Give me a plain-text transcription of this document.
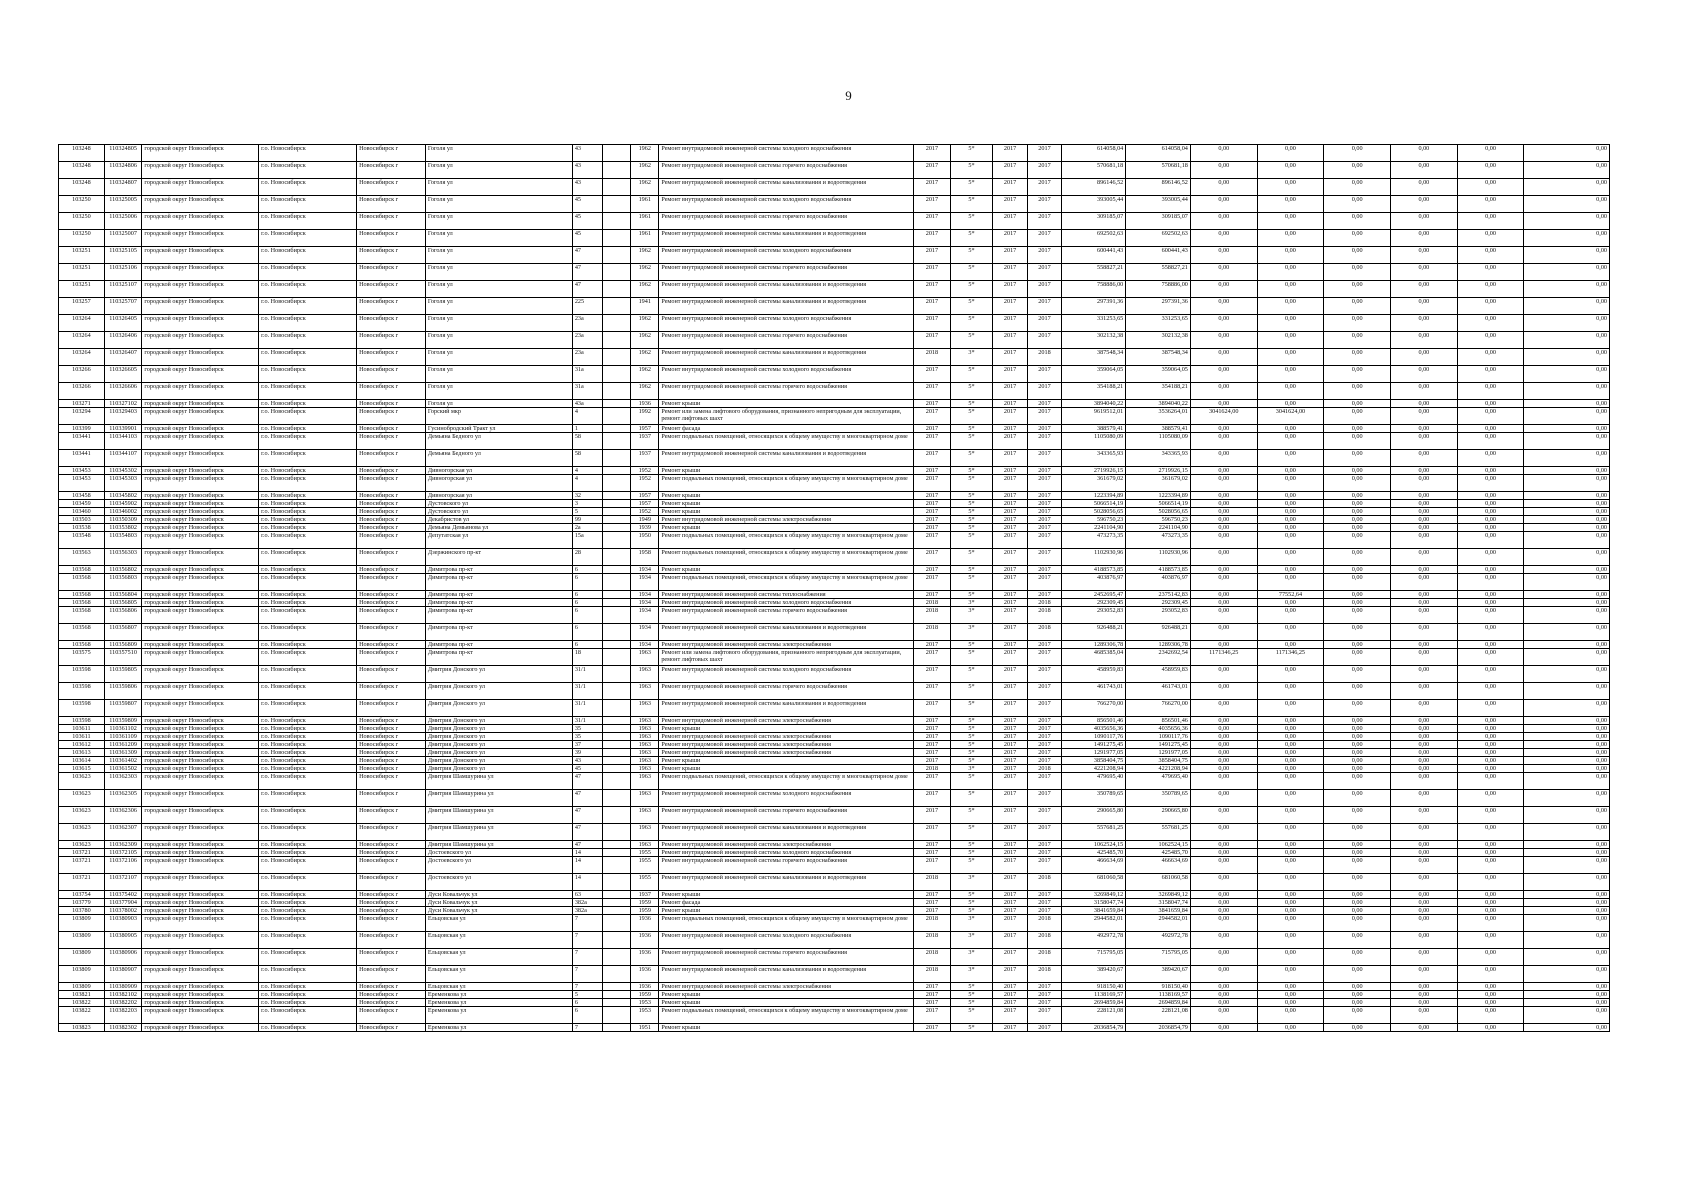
9
103248	110324805	городской округ Новосибирск	г.о. Новосибирск	Новосибирск г	Гоголя ул	43		1962	Ремонт внутридомовой инженерной системы холодного водоснабжения	2017	5*	2017	2017	614058,04	614058,04	0,00	0,00	0,00	0,00	0,00	0,00
103248	110324806	городской округ Новосибирск	г.о. Новосибирск	Новосибирск г	Гоголя ул	43		1962	Ремонт внутридомовой инженерной системы горячего водоснабжения	2017	5*	2017	2017	570681,18	570681,18	0,00	0,00	0,00	0,00	0,00	0,00
103248	110324807	городской округ Новосибирск	г.о. Новосибирск	Новосибирск г	Гоголя ул	43		1962	Ремонт внутридомовой инженерной системы канализования и водоотведения	2017	5*	2017	2017	896146,52	896146,52	0,00	0,00	0,00	0,00	0,00	0,00
103250	110325005	городской округ Новосибирск	г.о. Новосибирск	Новосибирск г	Гоголя ул	45		1961	Ремонт внутридомовой инженерной системы холодного водоснабжения	2017	5*	2017	2017	393005,44	393005,44	0,00	0,00	0,00	0,00	0,00	0,00
103250	110325006	городской округ Новосибирск	г.о. Новосибирск	Новосибирск г	Гоголя ул	45		1961	Ремонт внутридомовой инженерной системы горячего водоснабжения	2017	5*	2017	2017	309185,07	309185,07	0,00	0,00	0,00	0,00	0,00	0,00
103250	110325007	городской округ Новосибирск	г.о. Новосибирск	Новосибирск г	Гоголя ул	45		1961	Ремонт внутридомовой инженерной системы канализования и водоотведения	2017	5*	2017	2017	692502,63	692502,63	0,00	0,00	0,00	0,00	0,00	0,00
103251	110325105	городской округ Новосибирск	г.о. Новосибирск	Новосибирск г	Гоголя ул	47		1962	Ремонт внутридомовой инженерной системы холодного водоснабжения	2017	5*	2017	2017	600441,43	600441,43	0,00	0,00	0,00	0,00	0,00	0,00
103251	110325106	городской округ Новосибирск	г.о. Новосибирск	Новосибирск г	Гоголя ул	47		1962	Ремонт внутридомовой инженерной системы горячего водоснабжения	2017	5*	2017	2017	558827,21	558827,21	0,00	0,00	0,00	0,00	0,00	0,00
103251	110325107	городской округ Новосибирск	г.о. Новосибирск	Новосибирск г	Гоголя ул	47		1962	Ремонт внутридомовой инженерной системы канализования и водоотведения	2017	5*	2017	2017	758886,00	758886,00	0,00	0,00	0,00	0,00	0,00	0,00
103257	110325707	городской округ Новосибирск	г.о. Новосибирск	Новосибирск г	Гоголя ул	225		1941	Ремонт внутридомовой инженерной системы канализования и водоотведения	2017	5*	2017	2017	297391,36	297391,36	0,00	0,00	0,00	0,00	0,00	0,00
103264	110326405	городской округ Новосибирск	г.о. Новосибирск	Новосибирск г	Гоголя ул	23а		1962	Ремонт внутридомовой инженерной системы холодного водоснабжения	2017	5*	2017	2017	331253,65	331253,65	0,00	0,00	0,00	0,00	0,00	0,00
103264	110326406	городской округ Новосибирск	г.о. Новосибирск	Новосибирск г	Гоголя ул	23а		1962	Ремонт внутридомовой инженерной системы горячего водоснабжения	2017	5*	2017	2017	302132,38	302132,38	0,00	0,00	0,00	0,00	0,00	0,00
103264	110326407	городской округ Новосибирск	г.о. Новосибирск	Новосибирск г	Гоголя ул	23а		1962	Ремонт внутридомовой инженерной системы канализования и водоотведения	2018	3*	2017	2018	387548,34	387548,34	0,00	0,00	0,00	0,00	0,00	0,00
103266	110326605	городской округ Новосибирск	г.о. Новосибирск	Новосибирск г	Гоголя ул	31а		1962	Ремонт внутридомовой инженерной системы холодного водоснабжения	2017	5*	2017	2017	359064,05	359064,05	0,00	0,00	0,00	0,00	0,00	0,00
103266	110326606	городской округ Новосибирск	г.о. Новосибирск	Новосибирск г	Гоголя ул	31а		1962	Ремонт внутридомовой инженерной системы горячего водоснабжения	2017	5*	2017	2017	354188,21	354188,21	0,00	0,00	0,00	0,00	0,00	0,00
103271	110327102	городской округ Новосибирск	г.о. Новосибирск	Новосибирск г	Гоголя ул	43а		1936	Ремонт крыши	2017	5*	2017	2017	3894040,22	3894040,22	0,00	0,00	0,00	0,00	0,00	0,00
103294	110329403	городской округ Новосибирск	г.о. Новосибирск	Новосибирск г	Горский мкр	4		1992	Ремонт или замена лифтового оборудования, признанного непригодным для эксплуатации, ремонт лифтовых шахт	2017	5*	2017	2017	9619512,01	3536264,01	3041624,00	3041624,00	0,00	0,00	0,00	0,00
103399	110339901	городской округ Новосибирск	г.о. Новосибирск	Новосибирск г	Гусинобродский Тракт ул	1		1957	Ремонт фасада	2017	5*	2017	2017	388579,41	388579,41	0,00	0,00	0,00	0,00	0,00	0,00
103441	110344103	городской округ Новосибирск	г.о. Новосибирск	Новосибирск г	Демьяна Бедного ул	58		1937	Ремонт подвальных помещений, относящихся к общему имуществу в многоквартирном доме	2017	5*	2017	2017	1105080,09	1105080,09	0,00	0,00	0,00	0,00	0,00	0,00
103441	110344107	городской округ Новосибирск	г.о. Новосибирск	Новосибирск г	Демьяна Бедного ул	58		1937	Ремонт внутридомовой инженерной системы канализования и водоотведения	2017	5*	2017	2017	343365,93	343365,93	0,00	0,00	0,00	0,00	0,00	0,00
103453	110345302	городской округ Новосибирск	г.о. Новосибирск	Новосибирск г	Дивногорская ул	4		1952	Ремонт крыши	2017	5*	2017	2017	2719926,15	2719926,15	0,00	0,00	0,00	0,00	0,00	0,00
103453	110345303	городской округ Новосибирск	г.о. Новосибирск	Новосибирск г	Дивногорская ул	4		1952	Ремонт подвальных помещений, относящихся к общему имуществу в многоквартирном доме	2017	5*	2017	2017	361679,02	361679,02	0,00	0,00	0,00	0,00	0,00	0,00
103458	110345802	городской округ Новосибирск	г.о. Новосибирск	Новосибирск г	Дивногорская ул	32		1957	Ремонт крыши	2017	5*	2017	2017	1223394,89	1223394,89	0,00	0,00	0,00	0,00	0,00	0,00
103459	110345902	городской округ Новосибирск	г.о. Новосибирск	Новосибирск г	Дустовского ул	3		1957	Ремонт крыши	2017	5*	2017	2017	5066514,19	5066514,19	0,00	0,00	0,00	0,00	0,00	0,00
103460	110346002	городской округ Новосибирск	г.о. Новосибирск	Новосибирск г	Дустовского ул	5		1952	Ремонт крыши	2017	5*	2017	2017	5028056,65	5028056,65	0,00	0,00	0,00	0,00	0,00	0,00
103503	110350309	городской округ Новосибирск	г.о. Новосибирск	Новосибирск г	Декабристов ул	99		1949	Ремонт внутридомовой инженерной системы электроснабжения	2017	5*	2017	2017	596750,23	596750,23	0,00	0,00	0,00	0,00	0,00	0,00
103538	110353802	городской округ Новосибирск	г.о. Новосибирск	Новосибирск г	Демьяна Демьянова ул	2а		1939	Ремонт крыши	2017	5*	2017	2017	2241104,90	2241104,90	0,00	0,00	0,00	0,00	0,00	0,00
103548	110354803	городской округ Новосибирск	г.о. Новосибирск	Новосибирск г	Депутатская ул	15а		1950	Ремонт подвальных помещений, относящихся к общему имуществу в многоквартирном доме	2017	5*	2017	2017	473273,35	473273,35	0,00	0,00	0,00	0,00	0,00	0,00
103563	110356303	городской округ Новосибирск	г.о. Новосибирск	Новосибирск г	Дзержинского пр-кт	28		1958	Ремонт подвальных помещений, относящихся к общему имуществу в многоквартирном доме	2017	5*	2017	2017	1102930,96	1102930,96	0,00	0,00	0,00	0,00	0,00	0,00
103568	110356802	городской округ Новосибирск	г.о. Новосибирск	Новосибирск г	Димитрова пр-кт	6		1934	Ремонт крыши	2017	5*	2017	2017	4188573,85	4188573,85	0,00	0,00	0,00	0,00	0,00	0,00
103568	110356803	городской округ Новосибирск	г.о. Новосибирск	Новосибирск г	Димитрова пр-кт	6		1934	Ремонт подвальных помещений, относящихся к общему имуществу в многоквартирном доме	2017	5*	2017	2017	403876,97	403876,97	0,00	0,00	0,00	0,00	0,00	0,00
103568	110356804	городской округ Новосибирск	г.о. Новосибирск	Новосибирск г	Димитрова пр-кт	6		1934	Ремонт внутридомовой инженерной системы теплоснабжения	2017	5*	2017	2017	2452695,47	2375142,83	0,00	77552,64	0,00	0,00	0,00	0,00
103568	110356805	городской округ Новосибирск	г.о. Новосибирск	Новосибирск г	Димитрова пр-кт	6		1934	Ремонт внутридомовой инженерной системы холодного водоснабжения	2018	3*	2017	2018	292309,45	292309,45	0,00	0,00	0,00	0,00	0,00	0,00
103568	110356806	городской округ Новосибирск	г.о. Новосибирск	Новосибирск г	Димитрова пр-кт	6		1934	Ремонт внутридомовой инженерной системы горячего водоснабжения	2018	3*	2017	2018	293052,83	293052,83	0,00	0,00	0,00	0,00	0,00	0,00
103568	110356807	городской округ Новосибирск	г.о. Новосибирск	Новосибирск г	Димитрова пр-кт	6		1934	Ремонт внутридомовой инженерной системы канализования и водоотведения	2018	3*	2017	2018	926488,21	926488,21	0,00	0,00	0,00	0,00	0,00	0,00
103568	110356809	городской округ Новосибирск	г.о. Новосибирск	Новосибирск г	Димитрова пр-кт	6		1934	Ремонт внутридомовой инженерной системы электроснабжения	2017	5*	2017	2017	1289306,78	1289306,78	0,00	0,00	0,00	0,00	0,00	0,00
103575	110357510	городской округ Новосибирск	г.о. Новосибирск	Новосибирск г	Димитрова пр-кт	18		1963	Ремонт или замена лифтового оборудования, признанного непригодным для эксплуатации, ремонт лифтовых шахт	2017	5*	2017	2017	4685385,04	2342692,54	1171346,25	1171346,25	0,00	0,00	0,00	0,00
103598	110359805	городской округ Новосибирск	г.о. Новосибирск	Новосибирск г	Дмитрия Донского ул	31/1		1963	Ремонт внутридомовой инженерной системы холодного водоснабжения	2017	5*	2017	2017	458959,83	458959,83	0,00	0,00	0,00	0,00	0,00	0,00
103598	110359806	городской округ Новосибирск	г.о. Новосибирск	Новосибирск г	Дмитрия Донского ул	31/1		1963	Ремонт внутридомовой инженерной системы горячего водоснабжения	2017	5*	2017	2017	461743,01	461743,01	0,00	0,00	0,00	0,00	0,00	0,00
103598	110359807	городской округ Новосибирск	г.о. Новосибирск	Новосибирск г	Дмитрия Донского ул	31/1		1963	Ремонт внутридомовой инженерной системы канализования и водоотведения	2017	5*	2017	2017	766270,00	766270,00	0,00	0,00	0,00	0,00	0,00	0,00
103598	110359809	городской округ Новосибирск	г.о. Новосибирск	Новосибирск г	Дмитрия Донского ул	31/1		1963	Ремонт внутридомовой инженерной системы электроснабжения	2017	5*	2017	2017	856501,46	856501,46	0,00	0,00	0,00	0,00	0,00	0,00
103611	110361102	городской округ Новосибирск	г.о. Новосибирск	Новосибирск г	Дмитрия Донского ул	35		1963	Ремонт крыши	2017	5*	2017	2017	4035656,36	4035656,36	0,00	0,00	0,00	0,00	0,00	0,00
103611	110361109	городской округ Новосибирск	г.о. Новосибирск	Новосибирск г	Дмитрия Донского ул	35		1963	Ремонт внутридомовой инженерной системы электроснабжения	2017	5*	2017	2017	1090117,76	1090117,76	0,00	0,00	0,00	0,00	0,00	0,00
103612	110361209	городской округ Новосибирск	г.о. Новосибирск	Новосибирск г	Дмитрия Донского ул	37		1963	Ремонт внутридомовой инженерной системы электроснабжения	2017	5*	2017	2017	1491275,45	1491275,45	0,00	0,00	0,00	0,00	0,00	0,00
103613	110361309	городской округ Новосибирск	г.о. Новосибирск	Новосибирск г	Дмитрия Донского ул	39		1963	Ремонт внутридомовой инженерной системы электроснабжения	2017	5*	2017	2017	1291977,05	1291977,05	0,00	0,00	0,00	0,00	0,00	0,00
103614	110361402	городской округ Новосибирск	г.о. Новосибирск	Новосибирск г	Дмитрия Донского ул	43		1963	Ремонт крыши	2017	5*	2017	2017	3858404,75	3858404,75	0,00	0,00	0,00	0,00	0,00	0,00
103615	110361502	городской округ Новосибирск	г.о. Новосибирск	Новосибирск г	Дмитрия Донского ул	45		1963	Ремонт крыши	2018	3*	2017	2018	4221208,94	4221208,94	0,00	0,00	0,00	0,00	0,00	0,00
103623	110362303	городской округ Новосибирск	г.о. Новосибирск	Новосибирск г	Дмитрия Шамшурина ул	47		1963	Ремонт подвальных помещений, относящихся к общему имуществу в многоквартирном доме	2017	5*	2017	2017	479695,40	479695,40	0,00	0,00	0,00	0,00	0,00	0,00
103623	110362305	городской округ Новосибирск	г.о. Новосибирск	Новосибирск г	Дмитрия Шамшурина ул	47		1963	Ремонт внутридомовой инженерной системы холодного водоснабжения	2017	5*	2017	2017	350789,65	350789,65	0,00	0,00	0,00	0,00	0,00	0,00
103623	110362306	городской округ Новосибирск	г.о. Новосибирск	Новосибирск г	Дмитрия Шамшурина ул	47		1963	Ремонт внутридомовой инженерной системы горячего водоснабжения	2017	5*	2017	2017	290665,80	290665,80	0,00	0,00	0,00	0,00	0,00	0,00
103623	110362307	городской округ Новосибирск	г.о. Новосибирск	Новосибирск г	Дмитрия Шамшурина ул	47		1963	Ремонт внутридомовой инженерной системы канализования и водоотведения	2017	5*	2017	2017	557681,25	557681,25	0,00	0,00	0,00	0,00	0,00	0,00
103623	110362309	городской округ Новосибирск	г.о. Новосибирск	Новосибирск г	Дмитрия Шамшурина ул	47		1963	Ремонт внутридомовой инженерной системы электроснабжения	2017	5*	2017	2017	1062524,15	1062524,15	0,00	0,00	0,00	0,00	0,00	0,00
103721	110372105	городской округ Новосибирск	г.о. Новосибирск	Новосибирск г	Достоевского ул	14		1955	Ремонт внутридомовой инженерной системы холодного водоснабжения	2017	5*	2017	2017	425485,70	425485,70	0,00	0,00	0,00	0,00	0,00	0,00
103721	110372106	городской округ Новосибирск	г.о. Новосибирск	Новосибирск г	Достоевского ул	14		1955	Ремонт внутридомовой инженерной системы горячего водоснабжения	2017	5*	2017	2017	466634,69	466634,69	0,00	0,00	0,00	0,00	0,00	0,00
103721	110372107	городской округ Новосибирск	г.о. Новосибирск	Новосибирск г	Достоевского ул	14		1955	Ремонт внутридомовой инженерной системы канализования и водоотведения	2018	3*	2017	2018	681060,58	681060,58	0,00	0,00	0,00	0,00	0,00	0,00
103754	110375402	городской округ Новосибирск	г.о. Новосибирск	Новосибирск г	Дуси Ковальчук ул	63		1937	Ремонт крыши	2017	5*	2017	2017	3269849,12	3269849,12	0,00	0,00	0,00	0,00	0,00	0,00
103779	110377904	городской округ Новосибирск	г.о. Новосибирск	Новосибирск г	Дуси Ковальчук ул	382а		1959	Ремонт фасада	2017	5*	2017	2017	3158047,74	3158047,74	0,00	0,00	0,00	0,00	0,00	0,00
103780	110378002	городской округ Новосибирск	г.о. Новосибирск	Новосибирск г	Дуси Ковальчук ул	382а		1959	Ремонт крыши	2017	5*	2017	2017	3841659,84	3841659,84	0,00	0,00	0,00	0,00	0,00	0,00
103809	110380903	городской округ Новосибирск	г.о. Новосибирск	Новосибирск г	Ельцовская ул	7		1936	Ремонт подвальных помещений, относящихся к общему имуществу в многоквартирном доме	2018	3*	2017	2018	2944582,01	2944582,01	0,00	0,00	0,00	0,00	0,00	0,00
103809	110380905	городской округ Новосибирск	г.о. Новосибирск	Новосибирск г	Ельцовская ул	7		1936	Ремонт внутридомовой инженерной системы холодного водоснабжения	2018	3*	2017	2018	492972,78	492972,78	0,00	0,00	0,00	0,00	0,00	0,00
103809	110380906	городской округ Новосибирск	г.о. Новосибирск	Новосибирск г	Ельцовская ул	7		1936	Ремонт внутридомовой инженерной системы горячего водоснабжения	2018	3*	2017	2018	715795,05	715795,05	0,00	0,00	0,00	0,00	0,00	0,00
103809	110380907	городской округ Новосибирск	г.о. Новосибирск	Новосибирск г	Ельцовская ул	7		1936	Ремонт внутридомовой инженерной системы канализования и водоотведения	2018	3*	2017	2018	389420,67	389420,67	0,00	0,00	0,00	0,00	0,00	0,00
103809	110380909	городской округ Новосибирск	г.о. Новосибирск	Новосибирск г	Ельцовская ул	7		1936	Ремонт внутридомовой инженерной системы электроснабжения	2017	5*	2017	2017	918150,40	918150,40	0,00	0,00	0,00	0,00	0,00	0,00
103821	110382102	городской округ Новосибирск	г.о. Новосибирск	Новосибирск г	Еременкова ул	5		1959	Ремонт крыши	2017	5*	2017	2017	1138169,57	1138169,57	0,00	0,00	0,00	0,00	0,00	0,00
103822	110382202	городской округ Новосибирск	г.о. Новосибирск	Новосибирск г	Еременкова ул	6		1953	Ремонт крыши	2017	5*	2017	2017	2694859,84	2694859,84	0,00	0,00	0,00	0,00	0,00	0,00
103822	110382203	городской округ Новосибирск	г.о. Новосибирск	Новосибирск г	Еременкова ул	6		1953	Ремонт подвальных помещений, относящихся к общему имуществу в многоквартирном доме	2017	5*	2017	2017	228121,08	228121,08	0,00	0,00	0,00	0,00	0,00	0,00
103823	110382302	городской округ Новосибирск	г.о. Новосибирск	Новосибирск г	Еременкова ул	7		1951	Ремонт крыши	2017	5*	2017	2017	2036854,79	2036854,79	0,00	0,00	0,00	0,00	0,00	0,00
